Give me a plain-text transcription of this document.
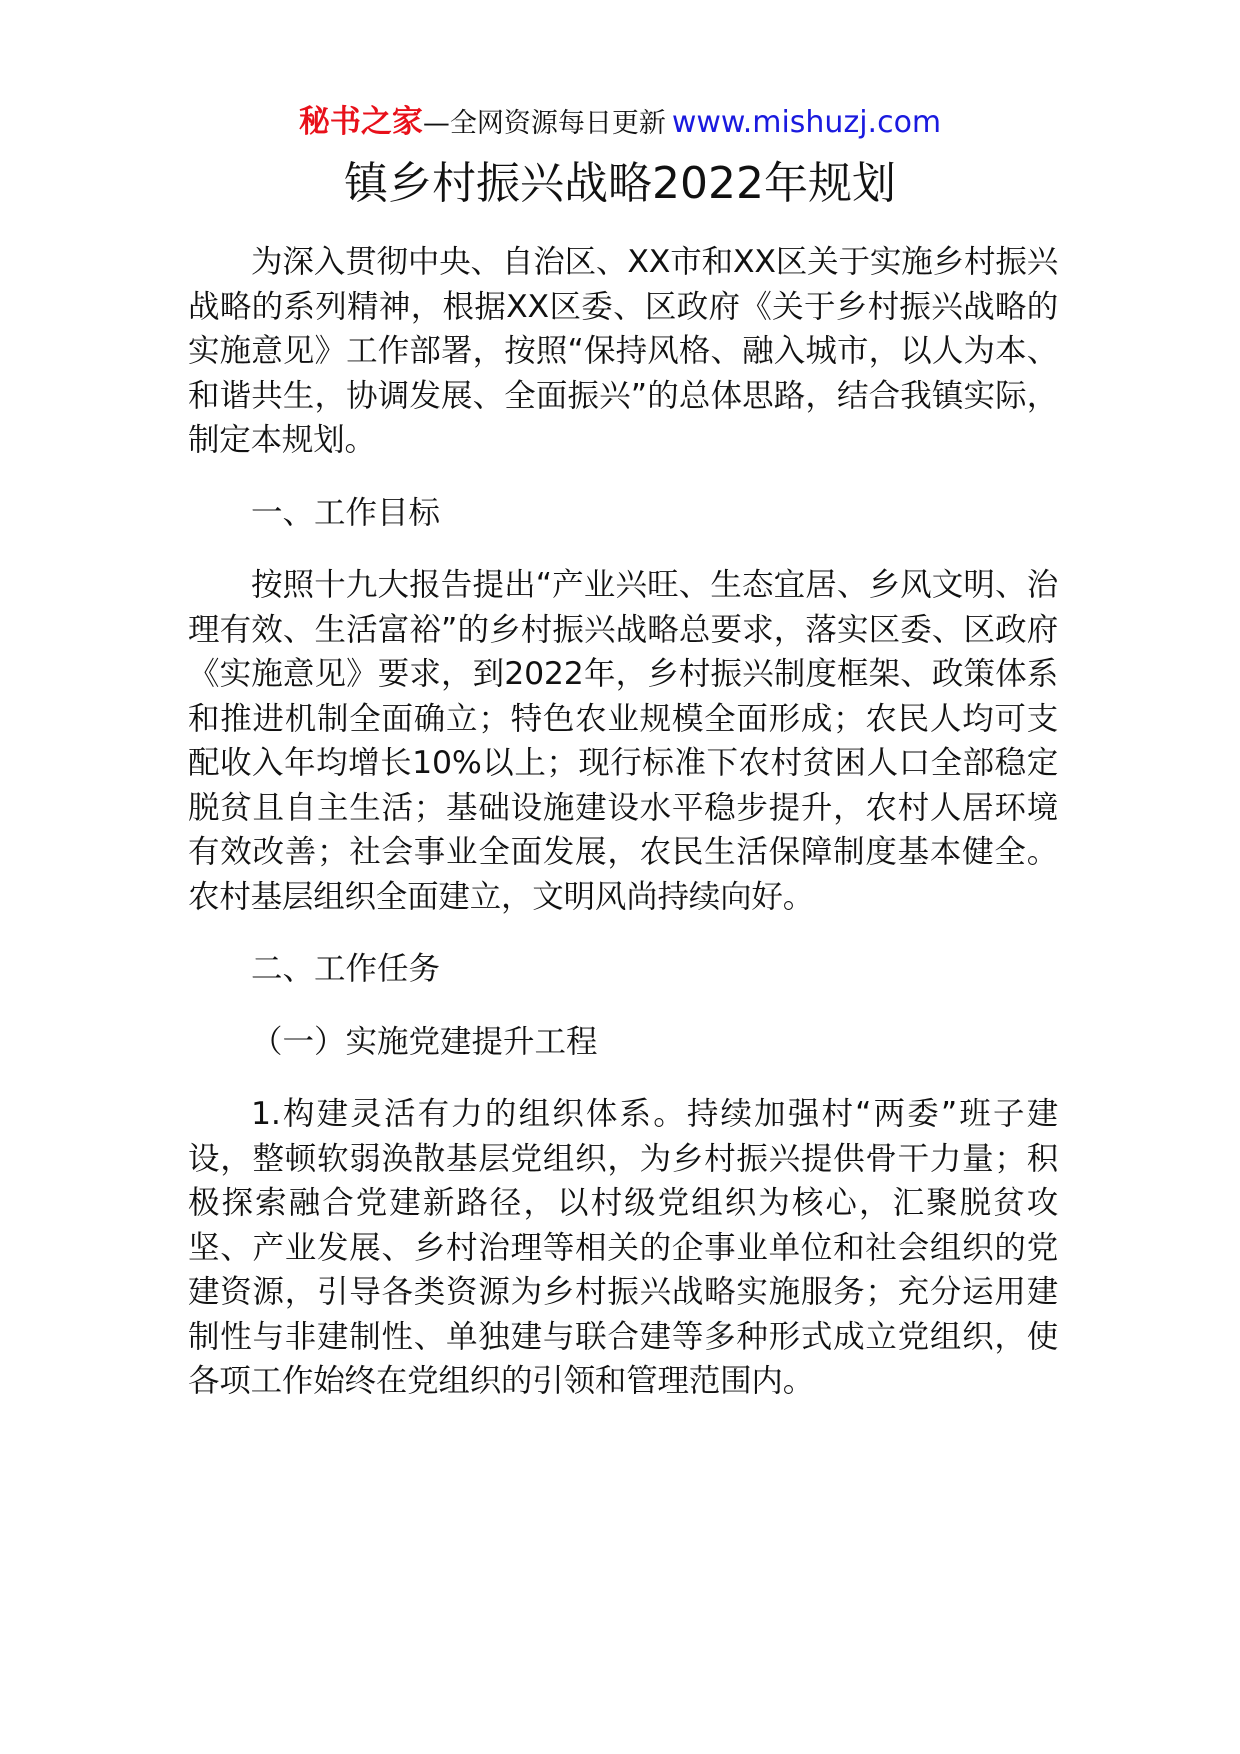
秘书之家—全网资源每日更新 www.mishuzj.com
镇乡村振兴战略2022年规划

为深入贯彻中央、自治区、XX市和XX区关于实施乡村振兴战略的系列精神，根据XX区委、区政府《关于乡村振兴战略的实施意见》工作部署，按照“保持风格、融入城市，以人为本、和谐共生，协调发展、全面振兴”的总体思路，结合我镇实际，制定本规划。

一、工作目标

按照十九大报告提出“产业兴旺、生态宜居、乡风文明、治理有效、生活富裕”的乡村振兴战略总要求，落实区委、区政府《实施意见》要求，到2022年，乡村振兴制度框架、政策体系和推进机制全面确立；特色农业规模全面形成；农民人均可支配收入年均增长10%以上；现行标准下农村贫困人口全部稳定脱贫且自主生活；基础设施建设水平稳步提升，农村人居环境有效改善；社会事业全面发展，农民生活保障制度基本健全。农村基层组织全面建立，文明风尚持续向好。

二、工作任务

（一）实施党建提升工程

1.构建灵活有力的组织体系。持续加强村“两委”班子建设，整顿软弱涣散基层党组织，为乡村振兴提供骨干力量；积极探索融合党建新路径，以村级党组织为核心，汇聚脱贫攻坚、产业发展、乡村治理等相关的企事业单位和社会组织的党建资源，引导各类资源为乡村振兴战略实施服务；充分运用建制性与非建制性、单独建与联合建等多种形式成立党组织，使各项工作始终在党组织的引领和管理范围内。
